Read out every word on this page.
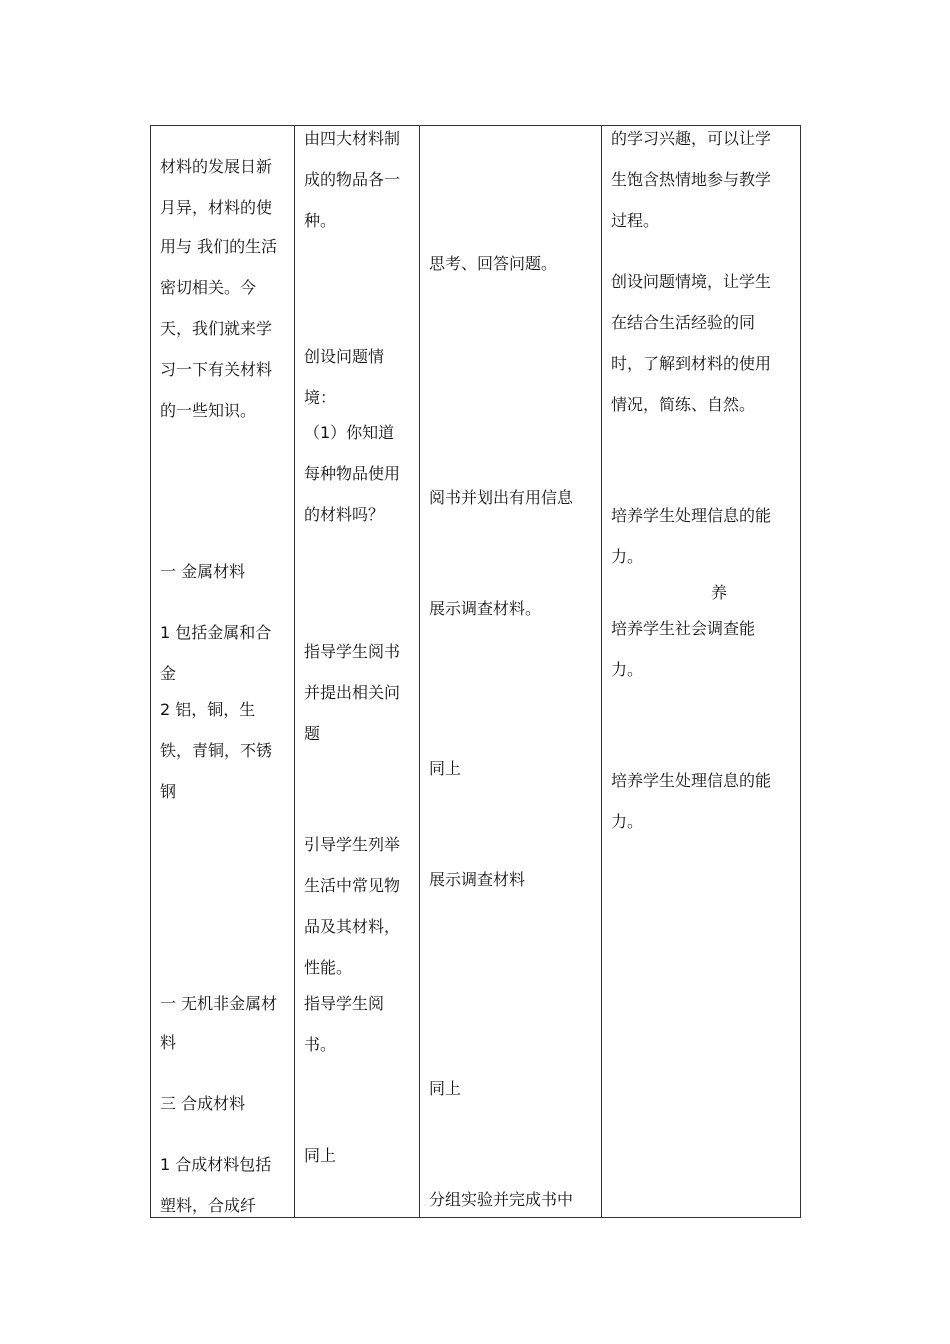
材料的发展日新
月异，材料的使
用与 我们的生活
密切相关。今
天，我们就来学
习一下有关材料
的一些知识。
一 金属材料
1 包括金属和合
金
2 铝，铜，生
铁，青铜，不锈
钢
一 无机非金属材
料
三 合成材料
1 合成材料包括
塑料，合成纤
由四大材料制
成的物品各一
种。
创设问题情
境：
（1）你知道
每种物品使用
的材料吗？
指导学生阅书
并提出相关问
题
引导学生列举
生活中常见物
品及其材料，
性能。
指导学生阅
书。
同上
思考、回答问题。
阅书并划出有用信息
展示调查材料。
同上
展示调查材料
同上
分组实验并完成书中
的学习兴趣，可以让学
生饱含热情地参与教学
过程。
创设问题情境，让学生
在结合生活经验的同
时，了解到材料的使用
情况，简练、自然。
培养学生处理信息的能
力。
养
培养学生社会调查能
力。
培养学生处理信息的能
力。
